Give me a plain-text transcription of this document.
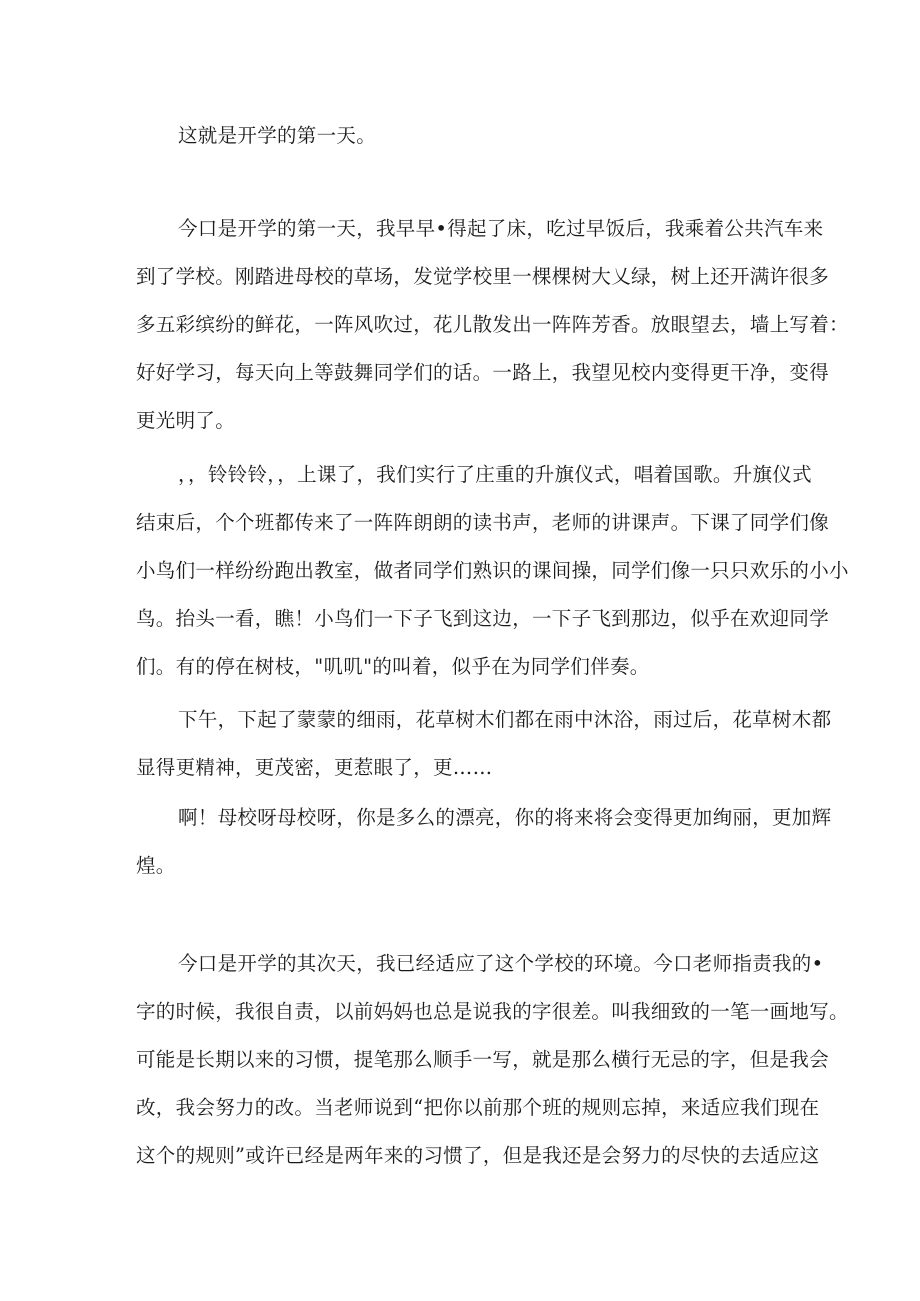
这就是开学的第一天。
今口是开学的第一天，我早早•得起了床，吃过早饭后，我乘着公共汽车来
到了学校。刚踏进母校的草场，发觉学校里一棵棵树大乂绿，树上还开满许很多
多五彩缤纷的鲜花，一阵风吹过，花儿散发出一阵阵芳香。放眼望去，墙上写着：
好好学习，每天向上等鼓舞同学们的话。一路上，我望见校内变得更干净，变得
更光明了。
，，铃铃铃，，上课了，我们实行了庄重的升旗仪式，唱着国歌。升旗仪式
结束后，个个班都传来了一阵阵朗朗的读书声，老师的讲课声。下课了同学们像
小鸟们一样纷纷跑出教室，做者同学们熟识的课间操，同学们像一只只欢乐的小小
鸟。抬头一看，瞧！小鸟们一下子飞到这边，一下子飞到那边，似乎在欢迎同学
们。有的停在树枝，"叽叽"的叫着，似乎在为同学们伴奏。
下午，下起了蒙蒙的细雨，花草树木们都在雨中沐浴，雨过后，花草树木都
显得更精神，更茂密，更惹眼了，更……
啊！母校呀母校呀，你是多么的漂亮，你的将来将会变得更加绚丽，更加辉
煌。
今口是开学的其次天，我已经适应了这个学校的环境。今口老师指责我的•
字的时候，我很自责，以前妈妈也总是说我的字很差。叫我细致的一笔一画地写。
可能是长期以来的习惯，提笔那么顺手一写，就是那么横行无忌的字，但是我会
改，我会努力的改。当老师说到“把你以前那个班的规则忘掉，来适应我们现在
这个的规则”或许已经是两年来的习惯了，但是我还是会努力的尽快的去适应这
